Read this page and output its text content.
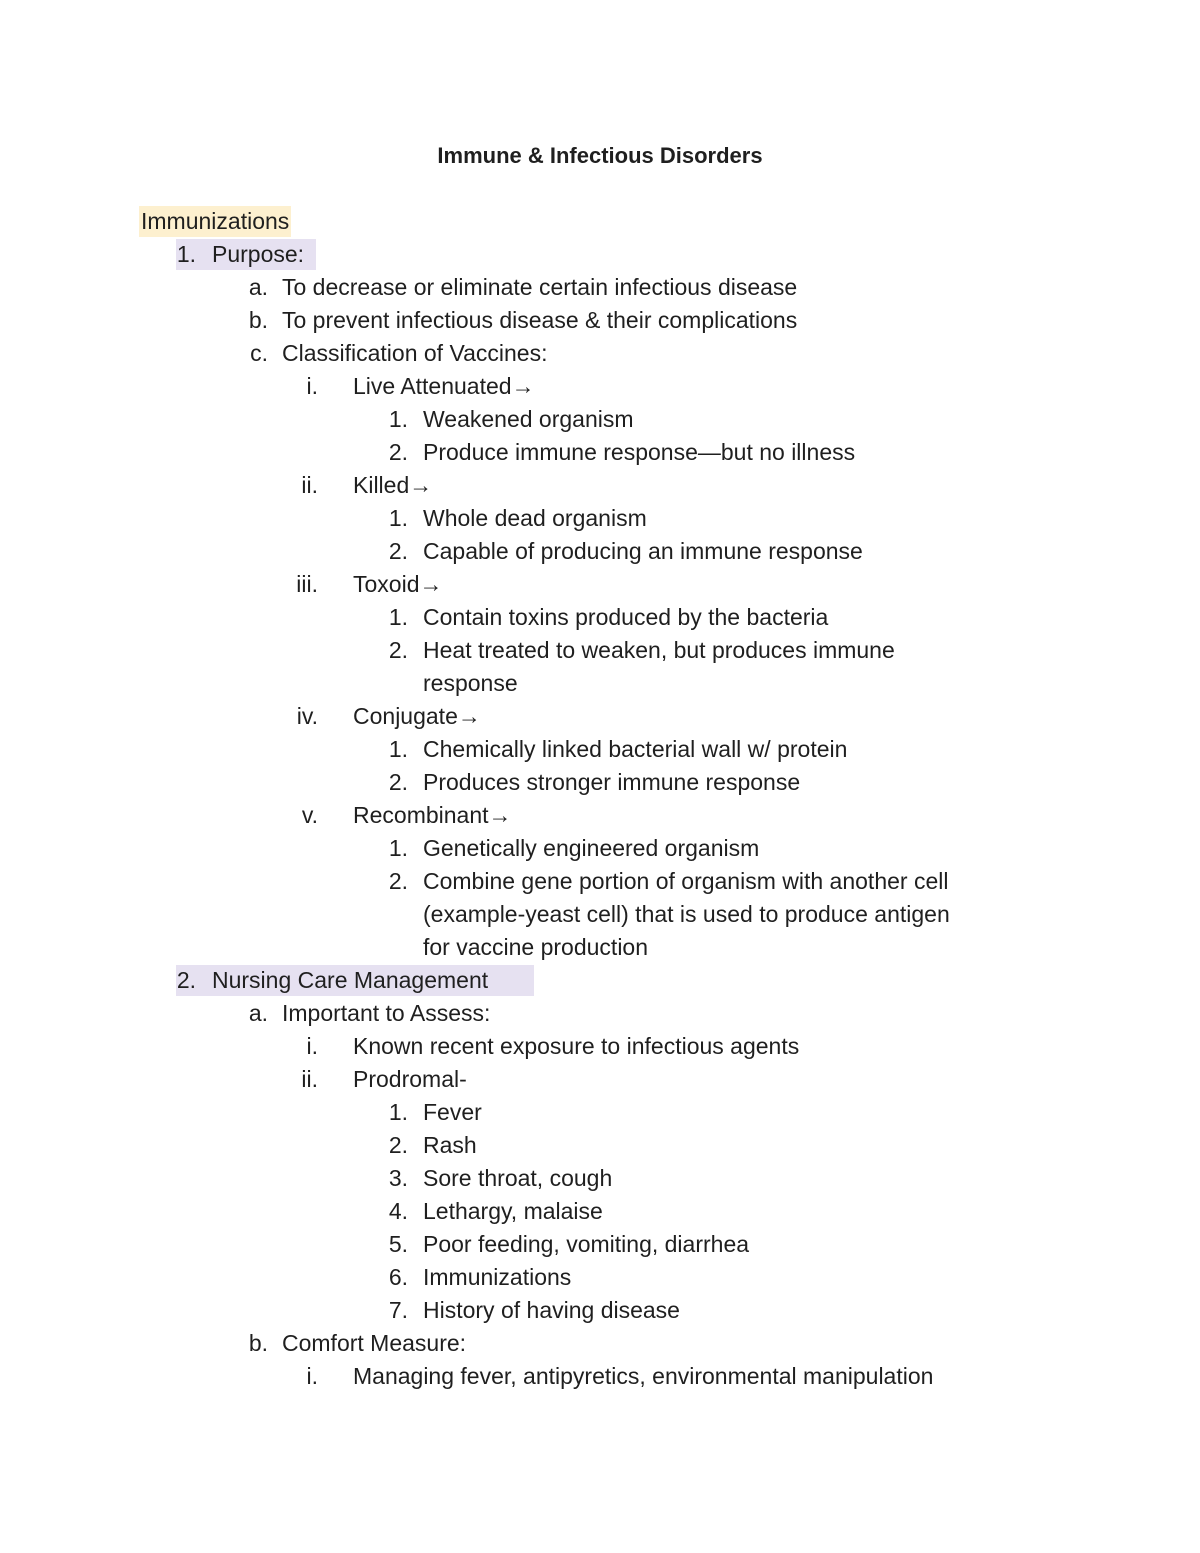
Immune & Infectious Disorders
Immunizations
1. Purpose:
a. To decrease or eliminate certain infectious disease
b. To prevent infectious disease & their complications
c. Classification of Vaccines:
i. Live Attenuated→
1. Weakened organism
2. Produce immune response—but no illness
ii. Killed→
1. Whole dead organism
2. Capable of producing an immune response
iii. Toxoid→
1. Contain toxins produced by the bacteria
2. Heat treated to weaken, but produces immune
response
iv. Conjugate→
1. Chemically linked bacterial wall w/ protein
2. Produces stronger immune response
v. Recombinant→
1. Genetically engineered organism
2. Combine gene portion of organism with another cell
(example-yeast cell) that is used to produce antigen
for vaccine production
2. Nursing Care Management
a. Important to Assess:
i. Known recent exposure to infectious agents
ii. Prodromal-
1. Fever
2. Rash
3. Sore throat, cough
4. Lethargy, malaise
5. Poor feeding, vomiting, diarrhea
6. Immunizations
7. History of having disease
b. Comfort Measure:
i. Managing fever, antipyretics, environmental manipulation
